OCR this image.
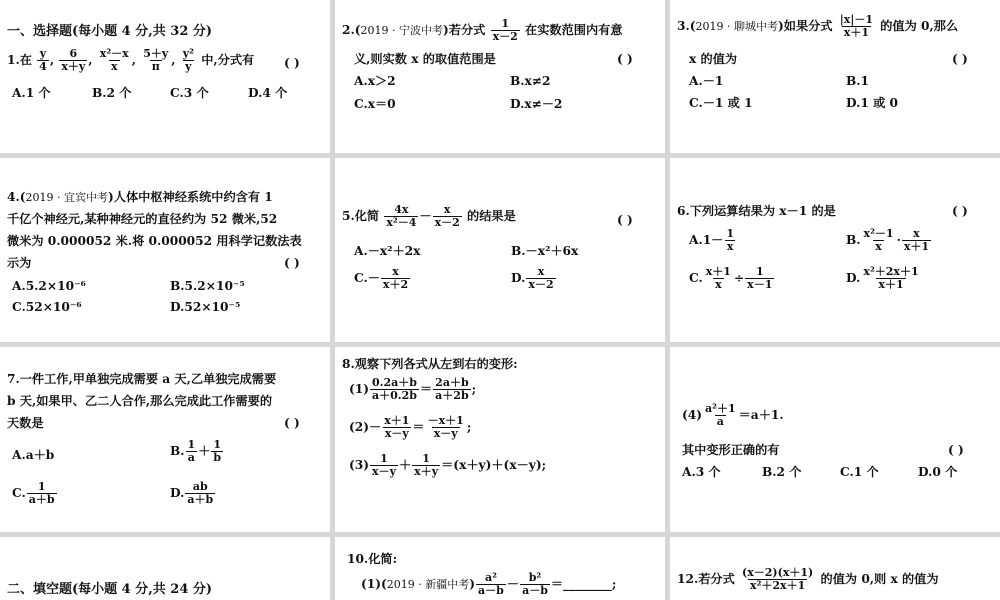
一、选择题(每小题 4 分,共 32 分)
1.在 $\frac{y}{4}$ , $\frac{6}{x+y}$ , $\frac{\text{x²－x}}{x}$ , $\frac{5+y}{\pi}$ , $\frac{\text{y²}}{y}$ 中,分式有	( )
A.1 个	B.2 个	C.3 个	D.4 个
2.(2019 · 宁波中考)若分式 $\frac{1}{x-2}$ 在实数范围内有意
义,则实数 x 的取值范围是	( )
A.x＞2	B.x≠2
C.x＝0	D.x≠－2
3.(2019 · 聊城中考)如果分式 $\frac{|x|-1}{x+1}$ 的值为 0,那么
x 的值为	( )
A.－1	B.1
C.－1 或 1	D.1 或 0
4.(2019 · 宜宾中考)人体中枢神经系统中约含有 1
千亿个神经元,某种神经元的直径约为 52 微米,52
微米为 0.000052 米.将 0.000052 用科学记数法表
示为	( )
A.5.2×10⁻⁶	B.5.2×10⁻⁵
C.52×10⁻⁶	D.52×10⁻⁵
5.化简 $\frac{4x}{\text{x²－4}} - \frac{x}{x-2}$ 的结果是	( )
A.－x²＋2x	B.－x²＋6x
$C.- \frac{x}{x+2}$	D. $\frac{x}{x-2}$
6.下列运算结果为 x－1 的是	( )
$A.1- \frac{1}{x}$	B. $\frac{\text{x²－1}}{x} \cdot \frac{x}{x+1}$
C. $\frac{x+1}{x} \div \frac{1}{x-1}$	D. $\frac{\text{x²＋2x＋1}}{x+1}$
7.一件工作,甲单独完成需要 a 天,乙单独完成需要
b 天,如果甲、乙二人合作,那么完成此工作需要的
天数是	( )
A.a＋b	B. $\frac{1}{a} + \frac{1}{b}$
C. $\frac{1}{a+b}$	D. $\frac{ab}{a+b}$
8.观察下列各式从左到右的变形:
$(1) \frac{0.2a+b}{a+0.2b} = \frac{2a+b}{a+2b}$ ;
$(2)- \frac{x+1}{x-y} = \frac{-x+1}{x-y}$ ;
$(3) \frac{1}{x-y} + \frac{1}{x+y} =(x+y)+(x-y)$;
$(4) \frac{\text{a²＋1}}{a} =a+1$.
其中变形正确的有	( )
A.3 个	B.2 个	C.1 个	D.0 个
二、填空题(每小题 4 分,共 24 分)
10.化简:
(1)(2019 · 新疆中考) $\frac{\text{a²}}{a-b} - \frac{\text{b²}}{a-b}$ ＝________;	12.若分式 $\frac{(x-2)(x+1)}{\text{x²＋2x＋1}}$ 的值为 0,则 x 的值为
